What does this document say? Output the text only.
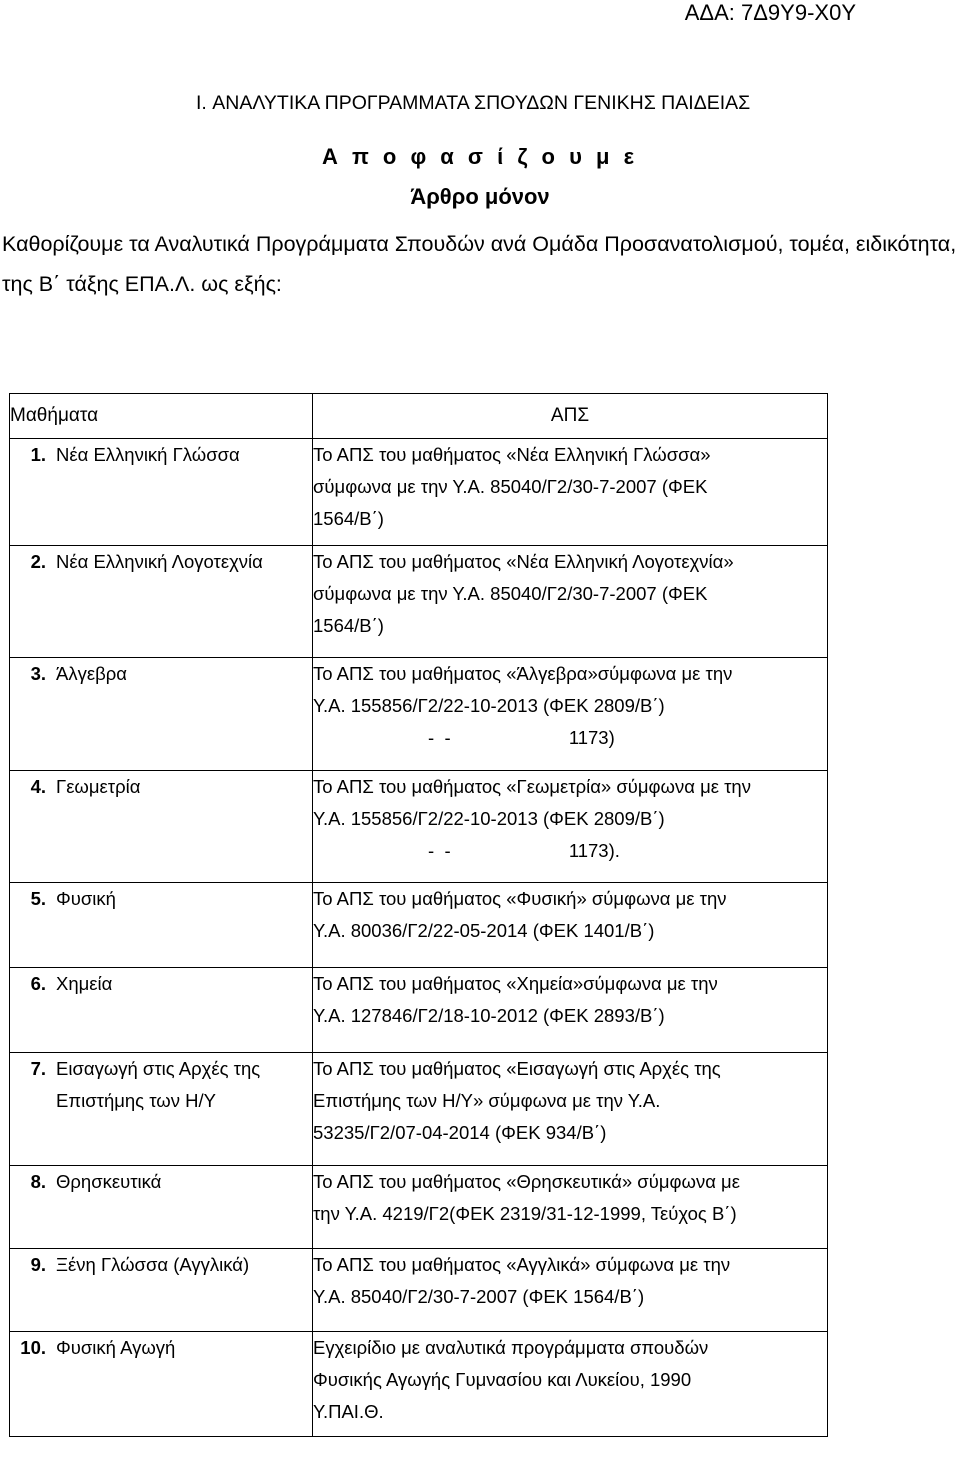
ΑΔΑ: 7Δ9Υ9-Χ0Υ
Α π ο φ α σ ί ζ ο υ μ ε
Άρθρο μόνον
Καθορίζουμε τα Αναλυτικά Προγράμματα Σπουδών ανά Ομάδα Προσανατολισμού, τομέα, ειδικότητα, της Β΄ τάξης ΕΠΑ.Λ. ως εξής:
I. ΑΝΑΛΥΤΙΚΑ ΠΡΟΓΡΑΜΜΑΤΑ ΣΠΟΥΔΩΝ ΓΕΝΙΚΗΣ ΠΑΙΔΕΙΑΣ
Μαθήματα	ΑΠΣ

1. Νέα Ελληνική Γλώσσα	Το ΑΠΣ του μαθήματος «Νέα Ελληνική Γλώσσα»
σύμφωνα με την Υ.Α. 85040/Γ2/30-7-2007 (ΦΕΚ
1564/Β΄)

2. Νέα Ελληνική Λογοτεχνία	Το ΑΠΣ του μαθήματος «Νέα Ελληνική Λογοτεχνία»
σύμφωνα με την Υ.Α. 85040/Γ2/30-7-2007 (ΦΕΚ
1564/Β΄)

3. Άλγεβρα	Το ΑΠΣ του μαθήματος «Άλγεβρα»σύμφωνα με την
Υ.Α. 155856/Γ2/22-10-2013 (ΦΕΚ 2809/Β΄)
-  -                       1173)

4. Γεωμετρία	Το ΑΠΣ του μαθήματος «Γεωμετρία» σύμφωνα με την
Υ.Α. 155856/Γ2/22-10-2013 (ΦΕΚ 2809/Β΄)
-  -                       1173).

5. Φυσική	Το ΑΠΣ του μαθήματος «Φυσική» σύμφωνα με την
Υ.Α. 80036/Γ2/22-05-2014 (ΦΕΚ 1401/Β΄)

6. Χημεία	Το ΑΠΣ του μαθήματος «Χημεία»σύμφωνα με την
Υ.Α. 127846/Γ2/18-10-2012 (ΦΕΚ 2893/Β΄)

7. Εισαγωγή στις Αρχές της Επιστήμης των Η/Υ	Το ΑΠΣ του μαθήματος «Εισαγωγή στις Αρχές της
Επιστήμης των Η/Υ» σύμφωνα με την Υ.Α.
53235/Γ2/07-04-2014 (ΦΕΚ 934/Β΄)

8. Θρησκευτικά	Το ΑΠΣ του μαθήματος «Θρησκευτικά» σύμφωνα με
την Υ.Α. 4219/Γ2(ΦΕΚ 2319/31-12-1999, Τεύχος Β΄)

9. Ξένη Γλώσσα (Αγγλικά)	Το ΑΠΣ του μαθήματος «Αγγλικά» σύμφωνα με την
Υ.Α. 85040/Γ2/30-7-2007 (ΦΕΚ 1564/Β΄)

10. Φυσική Αγωγή	Εγχειρίδιο με αναλυτικά προγράμματα σπουδών
Φυσικής Αγωγής Γυμνασίου και Λυκείου, 1990
Υ.ΠΑΙ.Θ.
